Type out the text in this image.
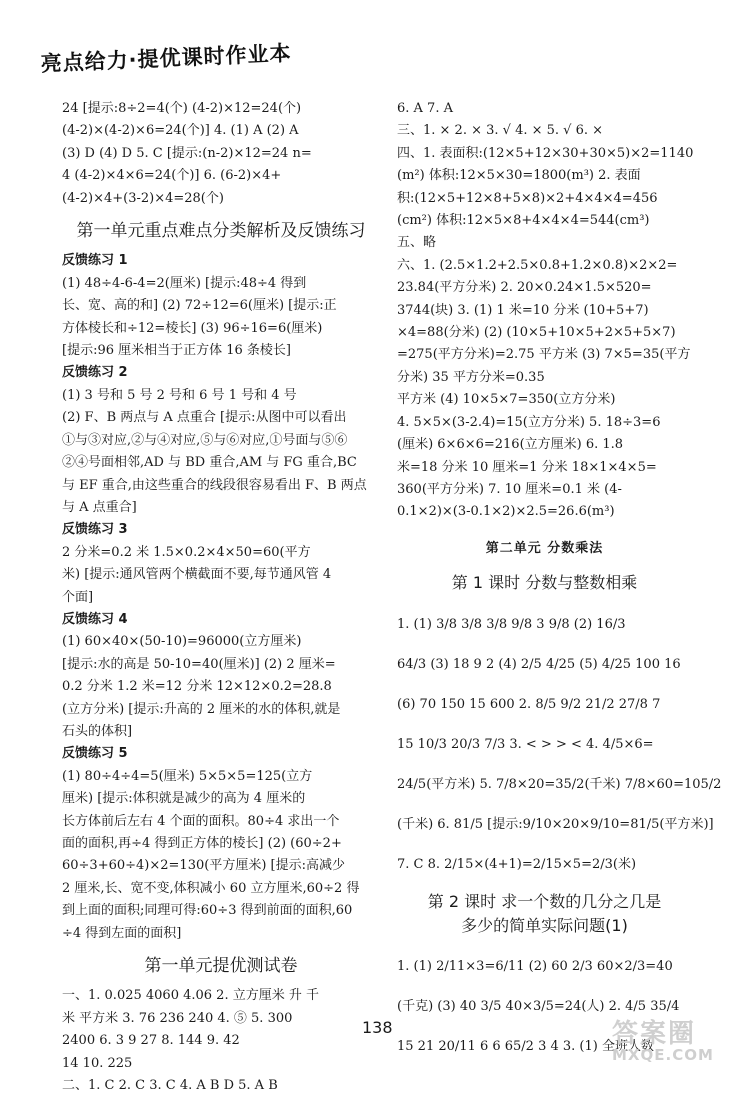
亮点给力·提优课时作业本
24 [提示:8÷2=4(个) (4-2)×12=24(个)
(4-2)×(4-2)×6=24(个)] 4. (1) A (2) A
(3) D (4) D 5. C [提示:(n-2)×12=24 n=
4 (4-2)×4×6=24(个)] 6. (6-2)×4+
(4-2)×4+(3-2)×4=28(个)
第一单元重点难点分类解析及反馈练习
反馈练习 1
(1) 48÷4-6-4=2(厘米) [提示:48÷4 得到
长、宽、高的和] (2) 72÷12=6(厘米) [提示:正
方体棱长和÷12=棱长] (3) 96÷16=6(厘米)
[提示:96 厘米相当于正方体 16 条棱长]
反馈练习 2
(1) 3 号和 5 号 2 号和 6 号 1 号和 4 号
(2) F、B 两点与 A 点重合 [提示:从图中可以看出
①与③对应,②与④对应,⑤与⑥对应,①号面与⑤⑥
②④号面相邻,AD 与 BD 重合,AM 与 FG 重合,BC
与 EF 重合,由这些重合的线段很容易看出 F、B 两点
与 A 点重合]
反馈练习 3
2 分米=0.2 米 1.5×0.2×4×50=60(平方
米) [提示:通风管两个横截面不要,每节通风管 4
个面]
反馈练习 4
(1) 60×40×(50-10)=96000(立方厘米)
[提示:水的高是 50-10=40(厘米)] (2) 2 厘米=
0.2 分米 1.2 米=12 分米 12×12×0.2=28.8
(立方分米) [提示:升高的 2 厘米的水的体积,就是
石头的体积]
反馈练习 5
(1) 80÷4÷4=5(厘米) 5×5×5=125(立方
厘米) [提示:体积就是减少的高为 4 厘米的
长方体前后左右 4 个面的面积。80÷4 求出一个
面的面积,再÷4 得到正方体的棱长] (2) (60÷2+
60÷3+60÷4)×2=130(平方厘米) [提示:高减少
2 厘米,长、宽不变,体积减小 60 立方厘米,60÷2 得
到上面的面积;同理可得:60÷3 得到前面的面积,60
÷4 得到左面的面积]
第一单元提优测试卷
一、1. 0.025 4060 4.06 2. 立方厘米 升 千
米 平方米 3. 76 236 240 4. ⑤ 5. 300
2400 6. 3 9 27 8. 144 9. 42
14 10. 225
二、1. C 2. C 3. C 4. A B D 5. A B
6. A 7. A
三、1. × 2. × 3. √ 4. × 5. √ 6. ×
四、1. 表面积:(12×5+12×30+30×5)×2=1140
(m²) 体积:12×5×30=1800(m³) 2. 表面
积:(12×5+12×8+5×8)×2+4×4×4=456
(cm²) 体积:12×5×8+4×4×4=544(cm³)
五、略
六、1. (2.5×1.2+2.5×0.8+1.2×0.8)×2×2=
23.84(平方分米) 2. 20×0.24×1.5×520=
3744(块) 3. (1) 1 米=10 分米 (10+5+7)
×4=88(分米) (2) (10×5+10×5+2×5+5×7)
=275(平方分米)=2.75 平方米 (3) 7×5=35(平方分米) 35 平方分米=0.35
平方米 (4) 10×5×7=350(立方分米)
4. 5×5×(3-2.4)=15(立方分米) 5. 18÷3=6
(厘米) 6×6×6=216(立方厘米) 6. 1.8
米=18 分米 10 厘米=1 分米 18×1×4×5=
360(平方分米) 7. 10 厘米=0.1 米 (4-
0.1×2)×(3-0.1×2)×2.5=26.6(m³)
第二单元 分数乘法
第 1 课时 分数与整数相乘
1. (1) 3/8 3/8 3/8 9/8 3 9/8 (2) 16/3
64/3 (3) 18 9 2 (4) 2/5 4/25 (5) 4/25 100 16
(6) 70 150 15 600 2. 8/5 9/2 21/2 27/8 7
15 10/3 20/3 7/3 3. < > > < 4. 4/5×6=
24/5(平方米) 5. 7/8×20=35/2(千米) 7/8×60=105/2
(千米) 6. 81/5 [提示:9/10×20×9/10=81/5(平方米)]
7. C 8. 2/15×(4+1)=2/15×5=2/3(米)
第 2 课时 求一个数的几分之几是
多少的简单实际问题(1)
1. (1) 2/11×3=6/11 (2) 60 2/3 60×2/3=40
(千克) (3) 40 3/5 40×3/5=24(人) 2. 4/5 35/4
15 21 20/11 6 6 65/2 3 4 3. (1) 全班人数
138	答案圈
MXQE.COM
